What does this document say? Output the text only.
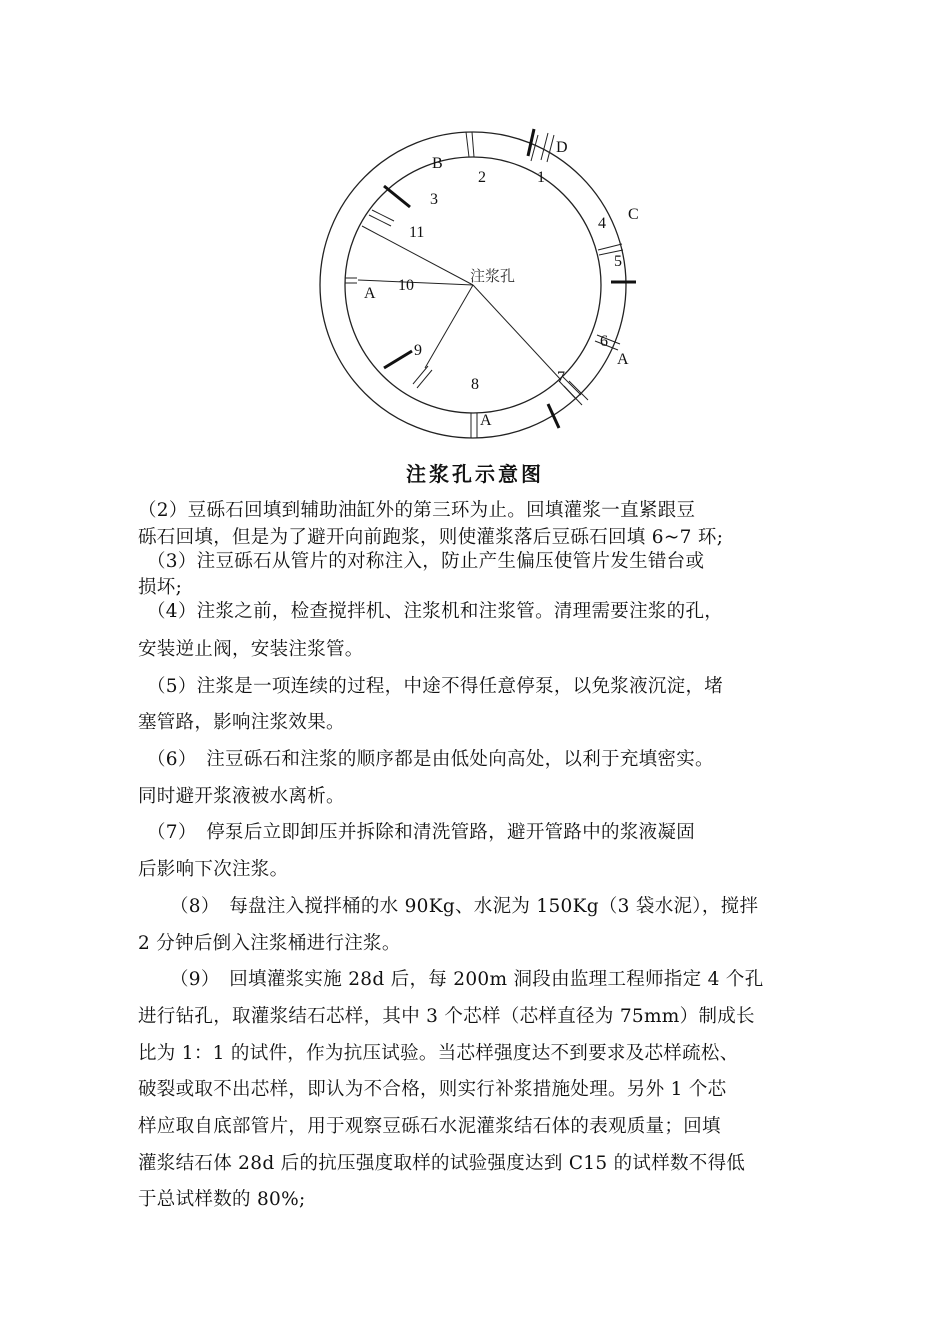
1
2
3
4
5
6
7
8
9
10
11
D
B
C
A
A
A
注浆孔
注浆孔示意图
（2）豆砾石回填到辅助油缸外的第三环为止。回填灌浆一直紧跟豆
砾石回填，但是为了避开向前跑浆，则使灌浆落后豆砾石回填 6~7 环;
（3）注豆砾石从管片的对称注入，防止产生偏压使管片发生错台或
损坏;
（4）注浆之前，检查搅拌机、注浆机和注浆管。清理需要注浆的孔，
安装逆止阀，安装注浆管。
（5）注浆是一项连续的过程，中途不得任意停泵，以免浆液沉淀，堵
塞管路，影响注浆效果。
（6）　注豆砾石和注浆的顺序都是由低处向高处，以利于充填密实。
同时避开浆液被水离析。
（7）　停泵后立即卸压并拆除和清洗管路，避开管路中的浆液凝固
后影响下次注浆。
（8）　每盘注入搅拌桶的水 90Kg、水泥为 150Kg（3 袋水泥），搅拌
2 分钟后倒入注浆桶进行注浆。
（9）　回填灌浆实施 28d 后，每 200m 洞段由监理工程师指定 4 个孔
进行钻孔，取灌浆结石芯样，其中 3 个芯样（芯样直径为 75mm）制成长
比为 1：1 的试件，作为抗压试验。当芯样强度达不到要求及芯样疏松、
破裂或取不出芯样，即认为不合格，则实行补浆措施处理。另外 1 个芯
样应取自底部管片，用于观察豆砾石水泥灌浆结石体的表观质量；回填
灌浆结石体 28d 后的抗压强度取样的试验强度达到 C15 的试样数不得低
于总试样数的 80%;
